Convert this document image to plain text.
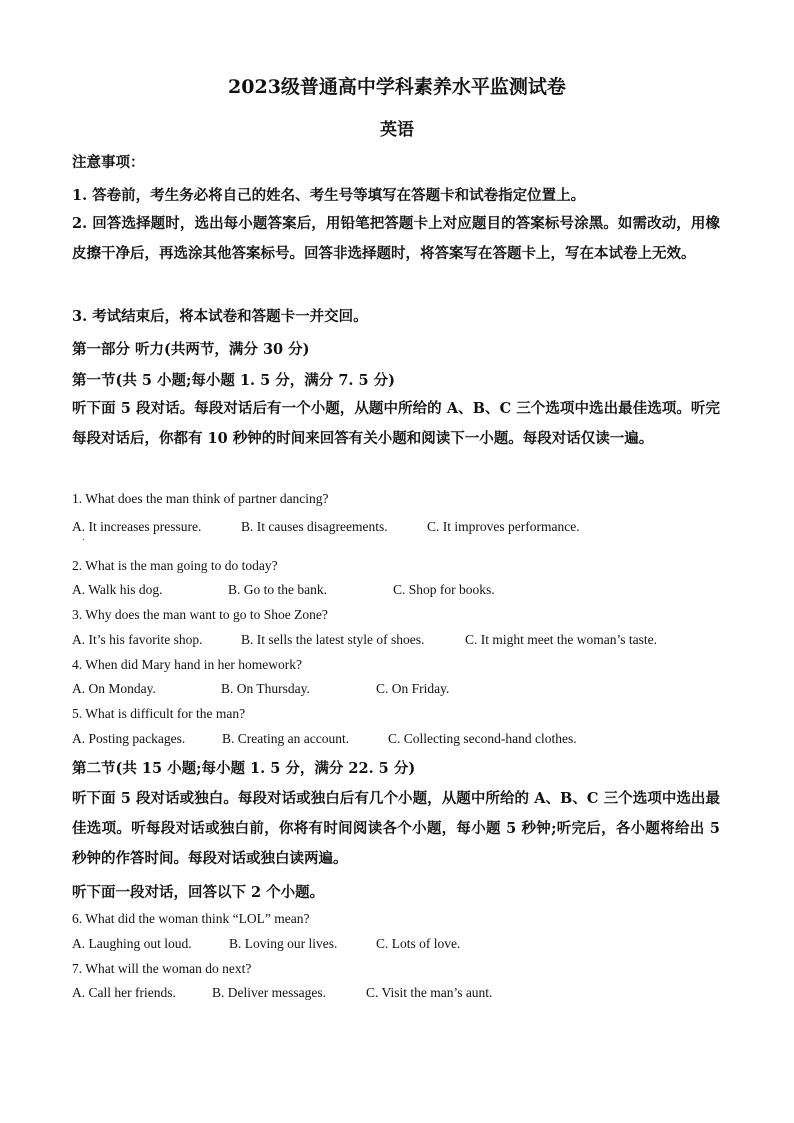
2023级普通高中学科素养水平监测试卷
英语
注意事项：
1. 答卷前，考生务必将自己的姓名、考生号等填写在答题卡和试卷指定位置上。
2. 回答选择题时，选出每小题答案后，用铅笔把答题卡上对应题目的答案标号涂黑。如需改动，用橡皮擦干净后，再选涂其他答案标号。回答非选择题时，将答案写在答题卡上，写在本试卷上无效。
3. 考试结束后，将本试卷和答题卡一并交回。
第一部分 听力(共两节，满分 30 分)
第一节(共 5 小题;每小题 1. 5 分，满分 7. 5 分)
听下面 5 段对话。每段对话后有一个小题，从题中所给的 A、B、C 三个选项中选出最佳选项。听完每段对话后，你都有 10 秒钟的时间来回答有关小题和阅读下一小题。每段对话仅读一遍。
1. What does the man think of partner dancing?
A. It increases pressure.	B. It causes disagreements.	C. It improves performance.
.
2. What is the man going to do today?
A. Walk his dog.	B. Go to the bank.	C. Shop for books.
3. Why does the man want to go to Shoe Zone?
A. It’s his favorite shop.	B. It sells the latest style of shoes.	C. It might meet the woman’s taste.
4. When did Mary hand in her homework?
A. On Monday.	B. On Thursday.	C. On Friday.
5. What is difficult for the man?
A. Posting packages.	B. Creating an account.	C. Collecting second-hand clothes.
第二节(共 15 小题;每小题 1. 5 分，满分 22. 5 分)
听下面 5 段对话或独白。每段对话或独白后有几个小题，从题中所给的 A、B、C 三个选项中选出最佳选项。听每段对话或独白前，你将有时间阅读各个小题，每小题 5 秒钟;听完后，各小题将给出 5 秒钟的作答时间。每段对话或独白读两遍。
听下面一段对话，回答以下 2 个小题。
6. What did the woman think “LOL” mean?
A. Laughing out loud.	B. Loving our lives.	C. Lots of love.
7. What will the woman do next?
A. Call her friends.	B. Deliver messages.	C. Visit the man’s aunt.
